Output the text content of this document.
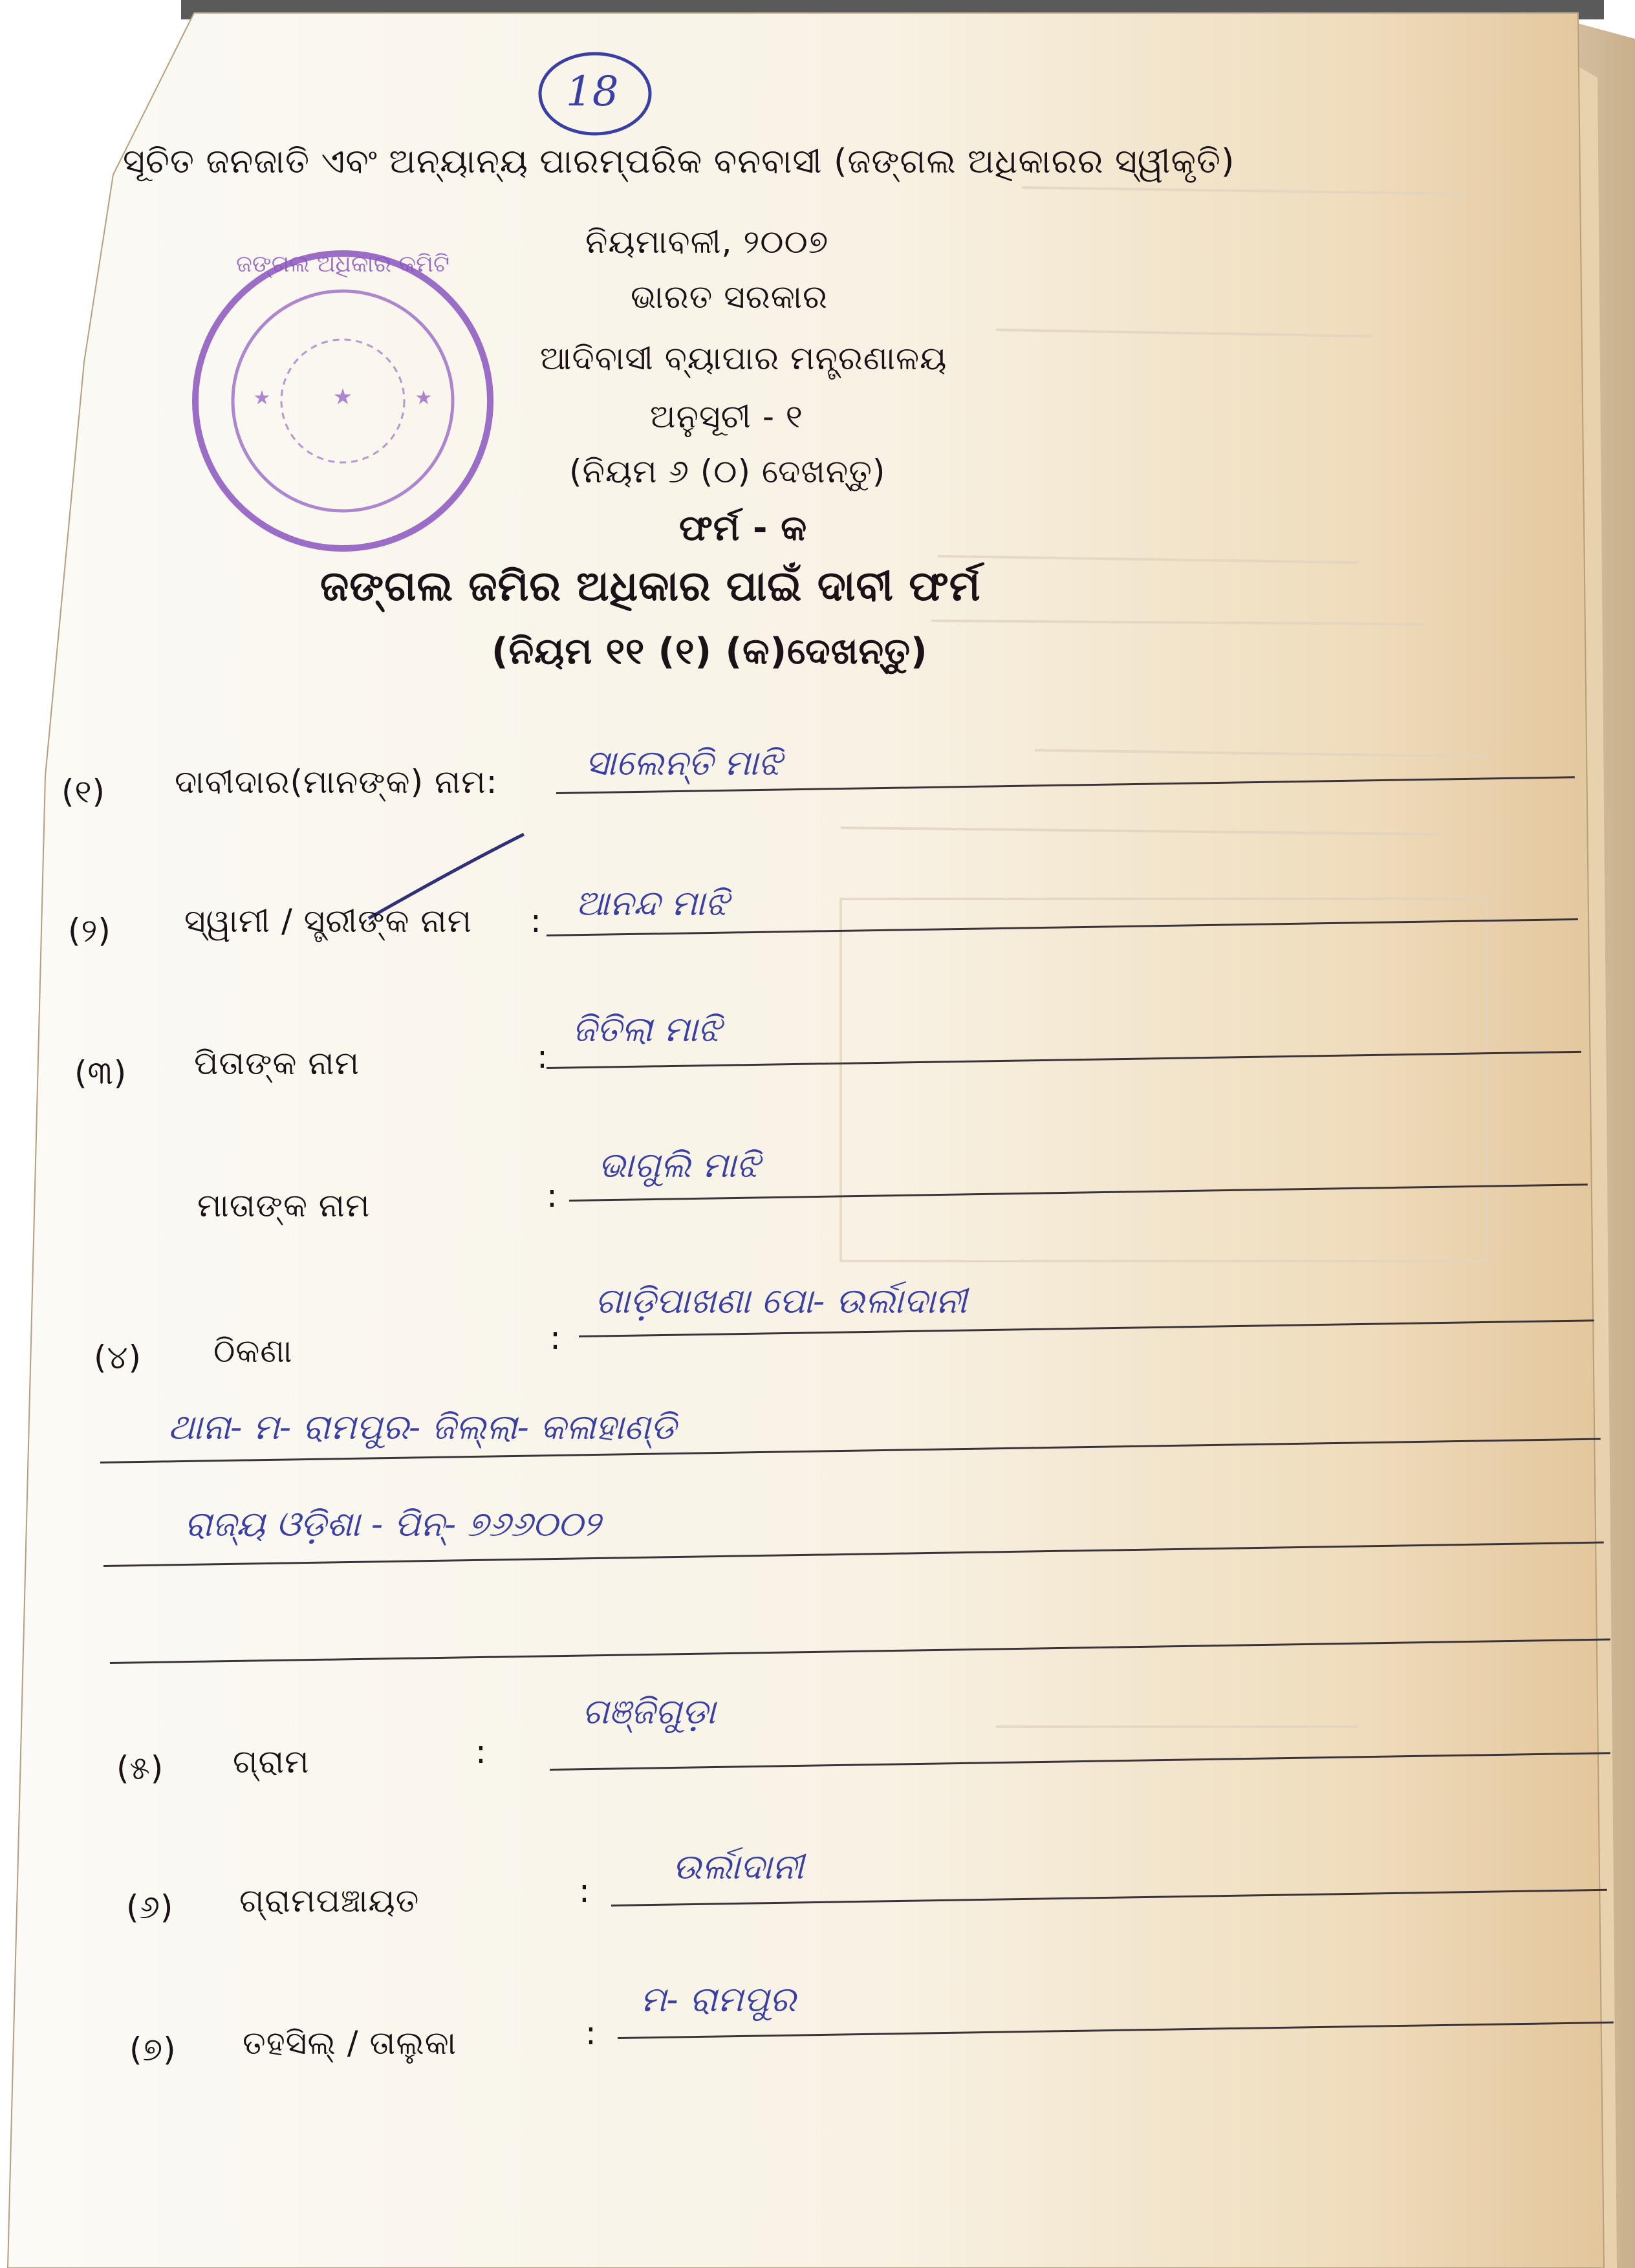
18
ସୂଚିତ ଜନଜାତି ଏବଂ ଅନ୍ୟାନ୍ୟ ପାରମ୍ପରିକ ବନବାସୀ (ଜଙ୍ଗଲ ଅଧିକାରର ସ୍ୱୀକୃତି)
ନିୟମାବଳୀ, ୨୦୦୭
ଭାରତ ସରକାର
ଆଦିବାସୀ ବ୍ୟାପାର ମନ୍ତ୍ରଣାଳୟ
ଅନୁସୂଚୀ - ୧
(ନିୟମ ୬ (୦) ଦେଖନ୍ତୁ)
ଫର୍ମ - କ
ଜଙ୍ଗଲ ଜମିର ଅଧିକାର ପାଇଁ ଦାବୀ ଫର୍ମ
(ନିୟମ ୧୧ (୧) (କ)ଦେଖନ୍ତୁ)
ଜଙ୍ଗଲ ଅଧିକାର କମିଟି
★
★	★
(୧) ଦାବୀଦାର(ମାନଙ୍କ) ନାମ:	ସାଲେନ୍ତି ମାଝି
(୨) ସ୍ୱାମୀ / ସ୍ତ୍ରୀଙ୍କ ନାମ : ଆନନ୍ଦ ମାଝି
(୩) ପିତାଙ୍କ ନାମ	:
ଜିତିଲା ମାଝି
ମାତାଙ୍କ ନାମ	:
ଭାଗୁଲି ମାଝି
(୪) ଠିକଣା	:
ଗାଡ଼ିପାଖଣା ପୋ- ଉର୍ଲାଦାନୀ
ଥାନା- ମ- ରାମପୁର- ଜିଲ୍ଲା- କଳାହାଣ୍ଡି
ରାଜ୍ୟ ଓଡ଼ିଶା - ପିନ୍- ୭୬୬୦୦୨
(୫) ଗ୍ରାମ	:
ଗଞ୍ଜିଗୁଡ଼ା
(୬) ଗ୍ରାମପଞ୍ଚାୟତ	:
ଉର୍ଲାଦାନୀ
(୭) ତହସିଲ୍ / ତାଲୁକା	:
ମ- ରାମପୁର
